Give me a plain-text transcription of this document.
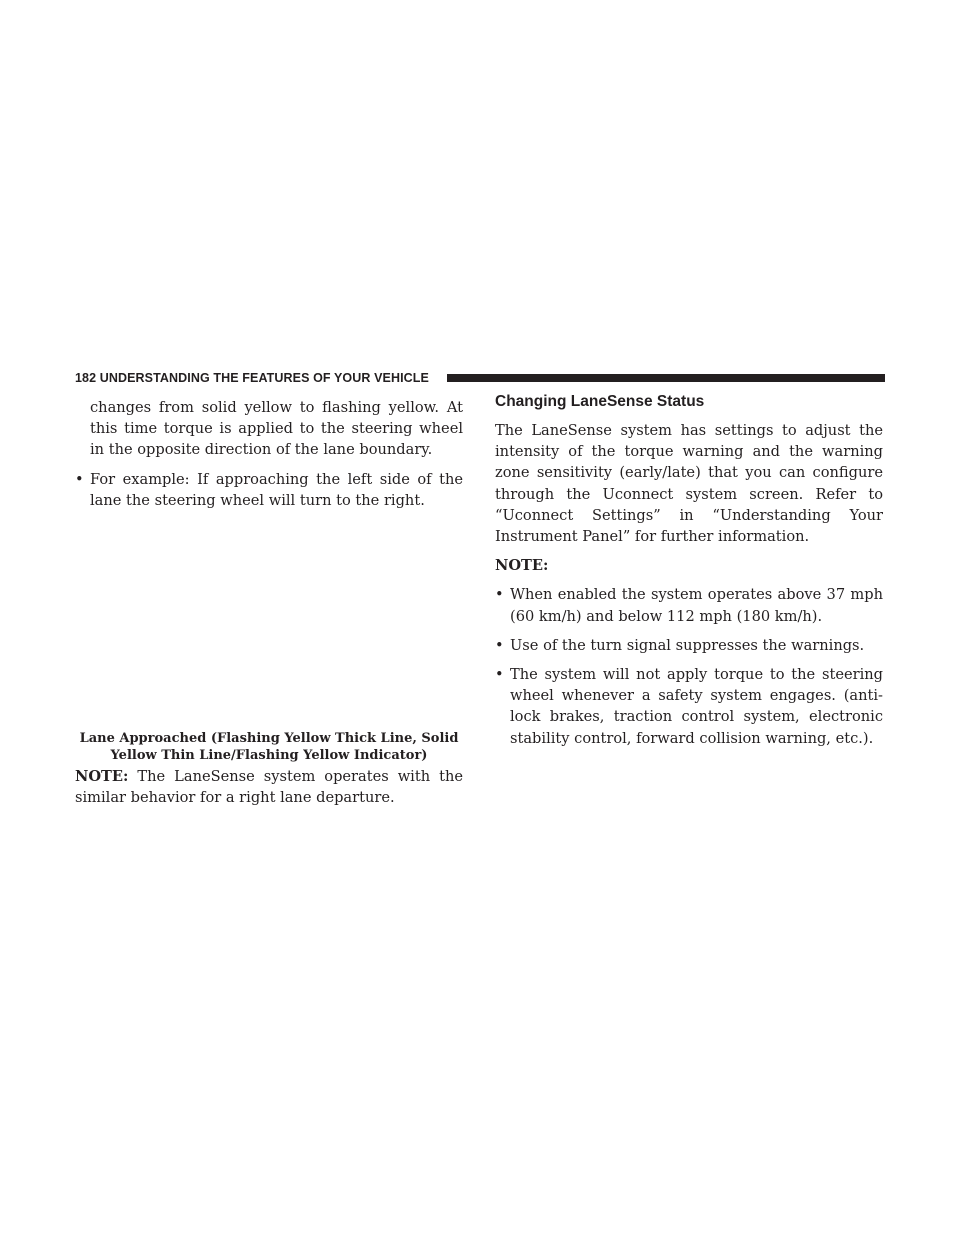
182 UNDERSTANDING THE FEATURES OF YOUR VEHICLE

changes from solid yellow to flashing yellow. At this time torque is applied to the steering wheel in the opposite direction of the lane boundary.

• For example: If approaching the left side of the lane the steering wheel will turn to the right.
Lane Approached (Flashing Yellow Thick Line, Solid Yellow Thin Line/Flashing Yellow Indicator)

NOTE: The LaneSense system operates with the similar behavior for a right lane departure.

Changing LaneSense Status

The LaneSense system has settings to adjust the intensity of the torque warning and the warning zone sensitivity (early/late) that you can configure through the Uconnect system screen. Refer to “Uconnect Settings” in “Understanding Your Instrument Panel” for further information.

NOTE:

• When enabled the system operates above 37 mph (60 km/h) and below 112 mph (180 km/h).
• Use of the turn signal suppresses the warnings.
• The system will not apply torque to the steering wheel whenever a safety system engages. (anti-lock brakes, traction control system, electronic stability control, forward collision warning, etc.).
